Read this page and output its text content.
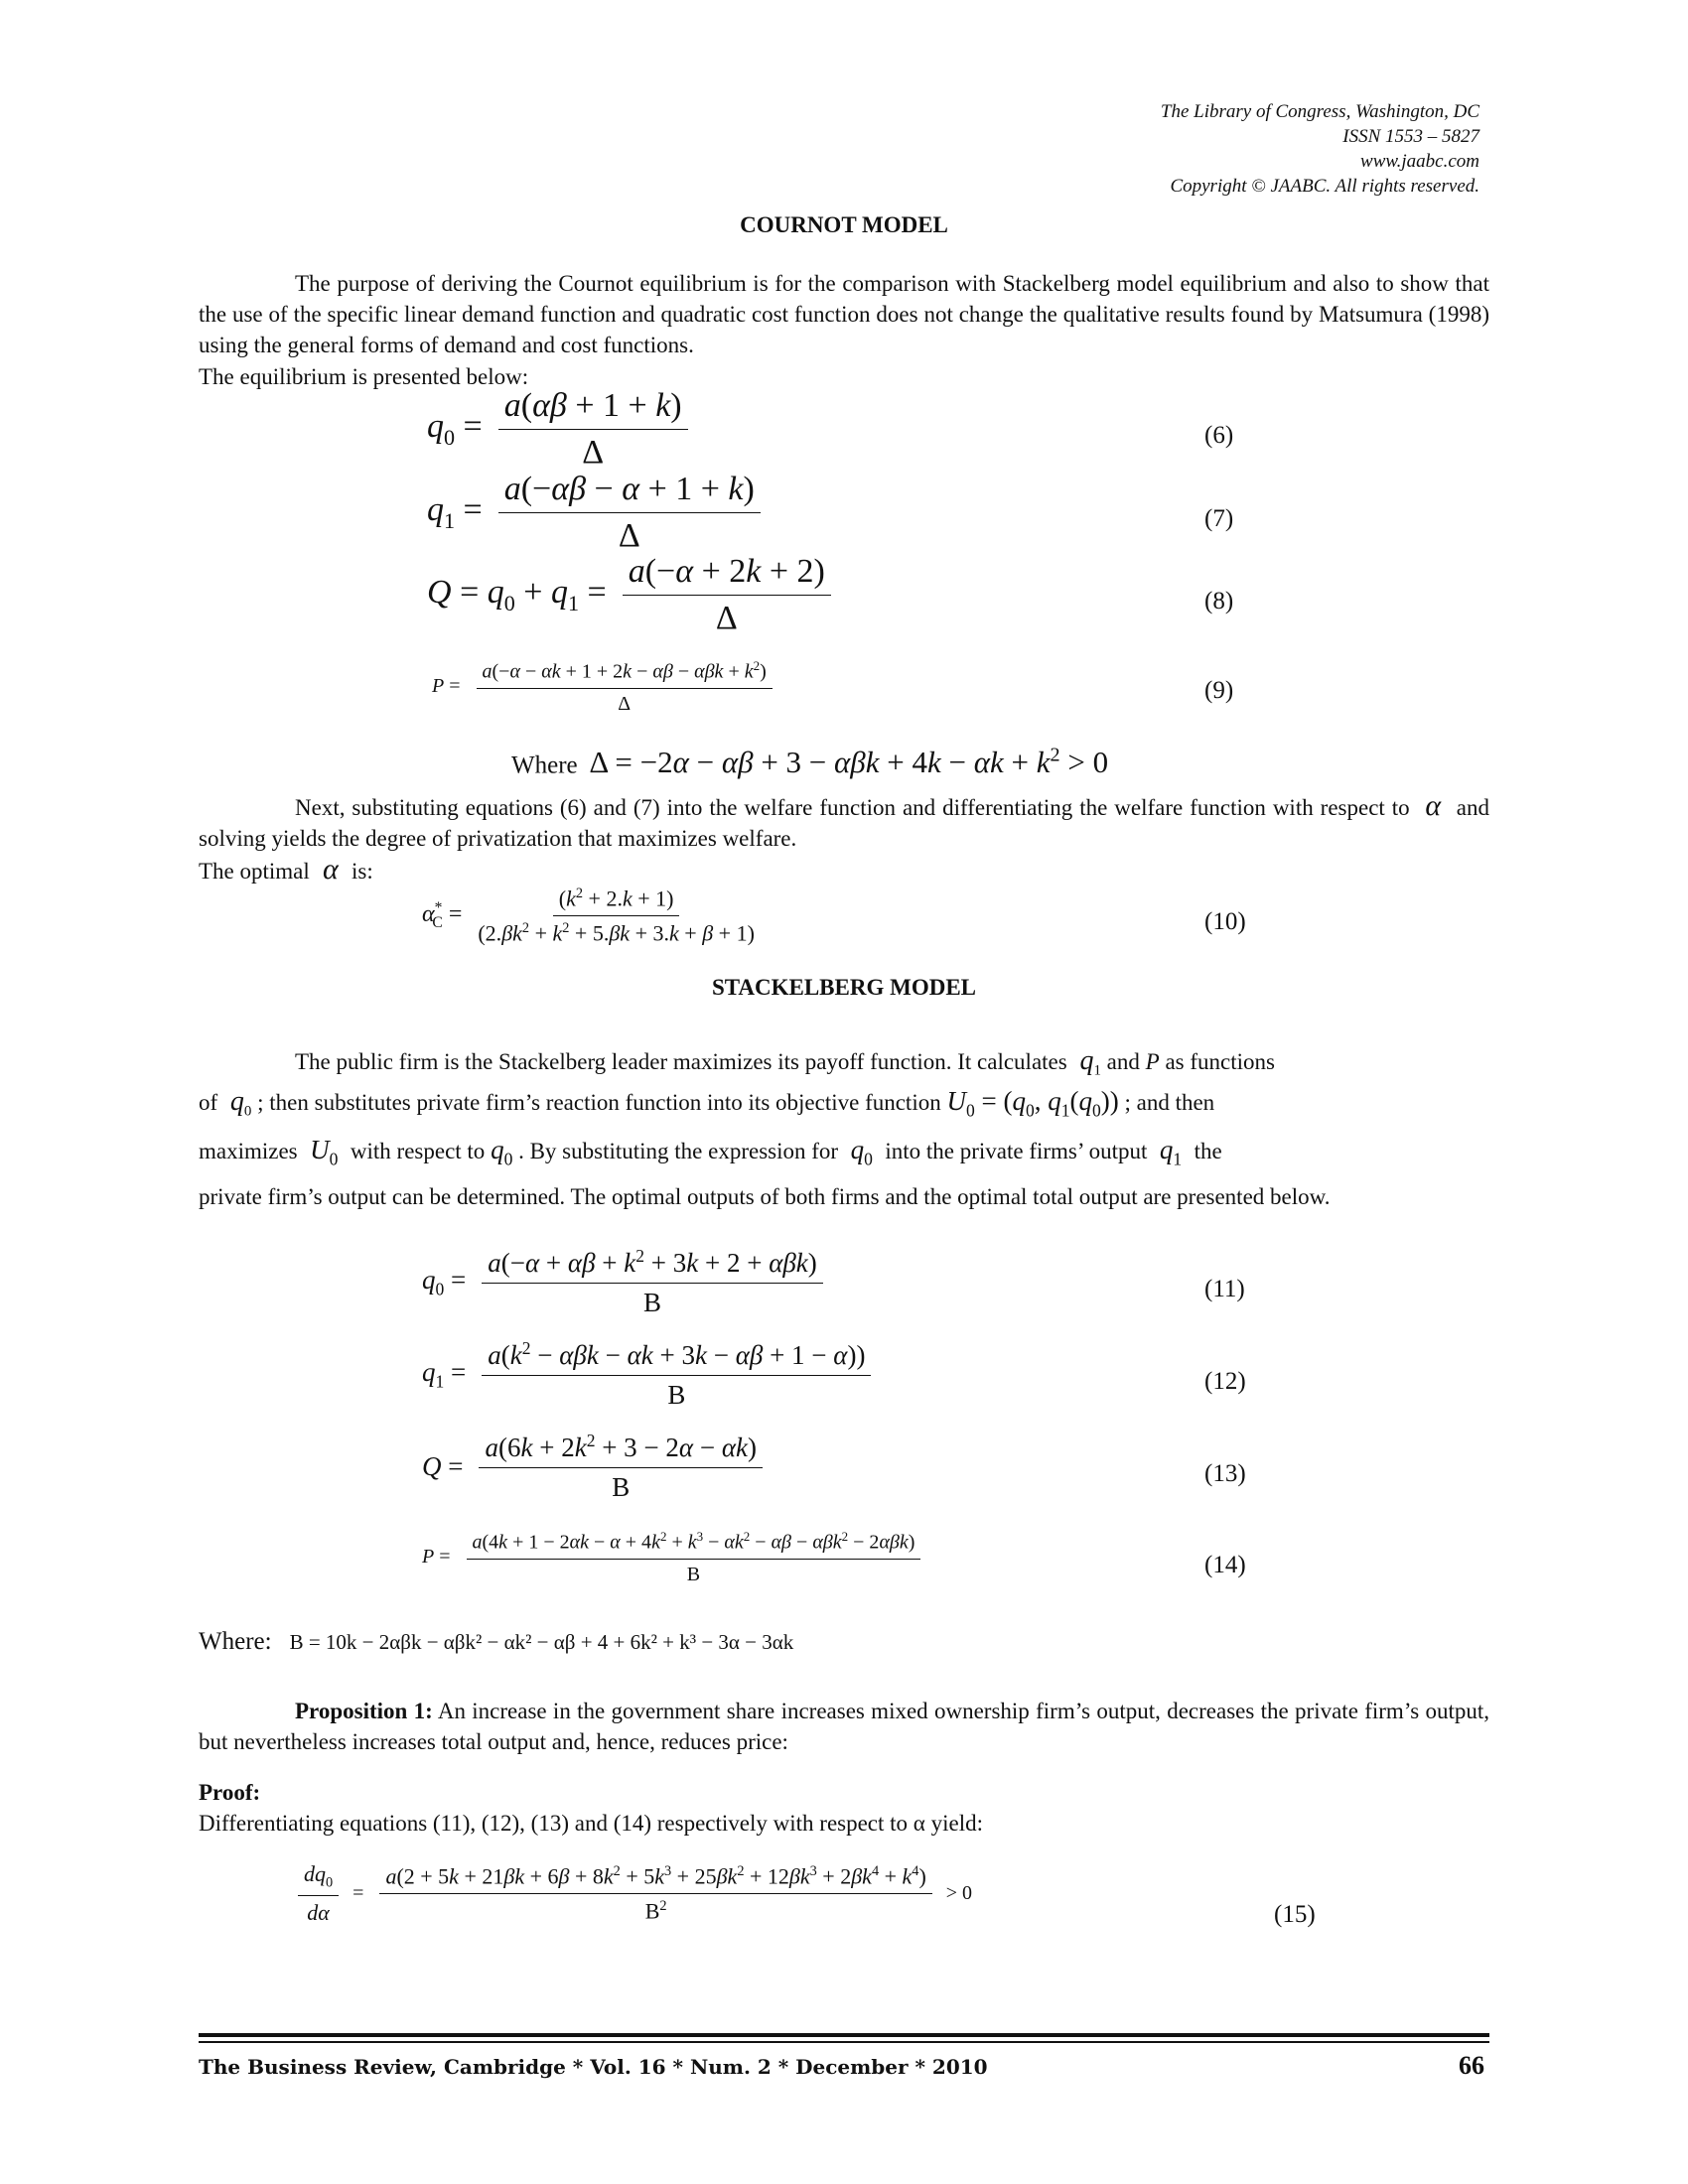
The Library of Congress, Washington, DC
ISSN 1553 – 5827
www.jaabc.com
Copyright © JAABC. All rights reserved.
COURNOT MODEL
The purpose of deriving the Cournot equilibrium is for the comparison with Stackelberg model equilibrium and also to show that the use of the specific linear demand function and quadratic cost function does not change the qualitative results found by Matsumura (1998) using the general forms of demand and cost functions.
The equilibrium is presented below:
$q_0 = \frac{a(\alpha\beta + 1 + k)}{\Delta}$	(6)
$q_1 = \frac{a(-\alpha\beta - \alpha + 1 + k)}{\Delta}$	(7)
$Q = q_0 + q_1 = \frac{a(-\alpha + 2k + 2)}{\Delta}$	(8)
$P = \frac{a(-\alpha - \alpha k + 1 + 2k - \alpha\beta - \alpha\beta k + k^2)}{\Delta}$	(9)
Where  $\Delta = -2\alpha - \alpha\beta + 3 - \alpha\beta k + 4k - \alpha k + k^2 > 0$
Next, substituting equations (6) and (7) into the welfare function and differentiating the welfare function with respect to  α  and solving yields the degree of privatization that maximizes welfare.
The optimal  α  is:
$\alpha^*_C = \frac{(k^2 + 2.k + 1)}{(2.\beta k^2 + k^2 + 5.\beta k + 3.k + \beta + 1)}$	(10)
STACKELBERG MODEL
The public firm is the Stackelberg leader maximizes its payoff function. It calculates  $q_1$ and P as functions
of  $q_0$ ; then substitutes private firm’s reaction function into its objective function $U_0 = (q_0$, $q_1(q_0)$) ; and then
maximizes $U_0$ with respect to $q_0$ . By substituting the expression for $q_0$ into the private firms’ output $q_1$ the
private firm’s output can be determined. The optimal outputs of both firms and the optimal total output are presented below.
$q_0 = \frac{a(-\alpha + \alpha\beta + k^2 + 3k + 2 + \alpha\beta k)}{B}$	(11)
$q_1 = \frac{a(k^2 - \alpha\beta k - \alpha k + 3k - \alpha\beta + 1 - \alpha))}{B}$	(12)
$Q = \frac{a(6k + 2k^2 + 3 - 2\alpha - \alpha k)}{B}$	(13)
$P = \frac{a(4k + 1 - 2\alpha k - \alpha + 4k^2 + k^3 - \alpha k^2 - \alpha\beta - \alpha\beta k^2 - 2\alpha\beta k)}{B}$	(14)
Where: B = 10k − 2αβk − αβk² − αk² − αβ + 4 + 6k² + k³ − 3α − 3αk
Proposition 1: An increase in the government share increases mixed ownership firm’s output, decreases the private firm’s output, but nevertheless increases total output and, hence, reduces price:
Proof:
Differentiating equations (11), (12), (13) and (14) respectively with respect to α yield:
$\frac{dq_0}{d\alpha}$ =
$a(2 + 5k + 21\beta k + 6\beta + 8k^2 + 5k^3 + 25\beta k^2 + 12\beta k^3 + 2\beta k^4 + k^4)$
$B^2$
> 0
(15)
The Business Review, Cambridge * Vol. 16 * Num. 2 * December * 2010	66
